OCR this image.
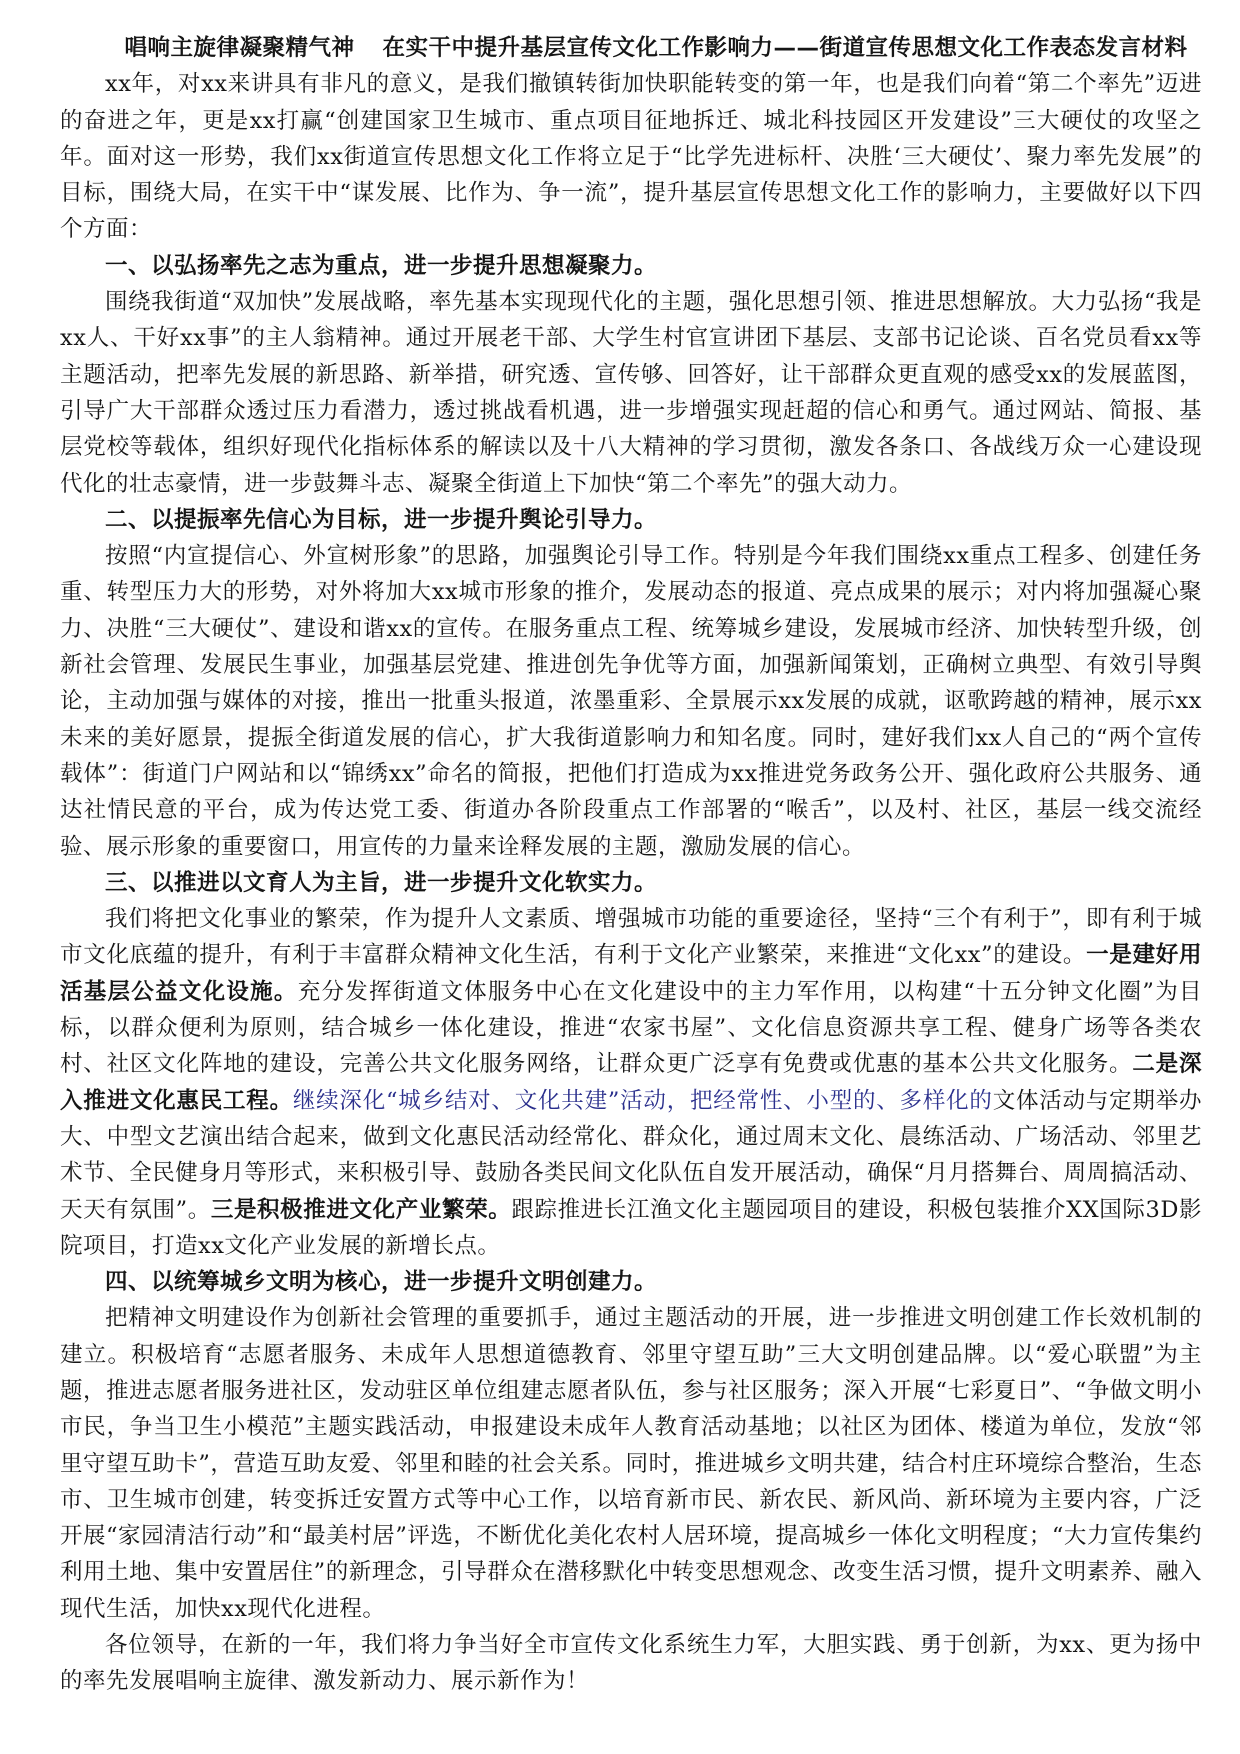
唱响主旋律凝聚精气神 在实干中提升基层宣传文化工作影响力——街道宣传思想文化工作表态发言材料

xx年，对xx来讲具有非凡的意义，是我们撤镇转街加快职能转变的第一年，也是我们向着“第二个率先”迈进的奋进之年，更是xx打赢“创建国家卫生城市、重点项目征地拆迁、城北科技园区开发建设”三大硬仗的攻坚之年。面对这一形势，我们xx街道宣传思想文化工作将立足于“比学先进标杆、决胜‘三大硬仗’、聚力率先发展”的目标，围绕大局，在实干中“谋发展、比作为、争一流”，提升基层宣传思想文化工作的影响力，主要做好以下四个方面：

一、以弘扬率先之志为重点，进一步提升思想凝聚力。

围绕我街道“双加快”发展战略，率先基本实现现代化的主题，强化思想引领、推进思想解放。大力弘扬“我是xx人、干好xx事”的主人翁精神。通过开展老干部、大学生村官宣讲团下基层、支部书记论谈、百名党员看xx等主题活动，把率先发展的新思路、新举措，研究透、宣传够、回答好，让干部群众更直观的感受xx的发展蓝图，引导广大干部群众透过压力看潜力，透过挑战看机遇，进一步增强实现赶超的信心和勇气。通过网站、简报、基层党校等载体，组织好现代化指标体系的解读以及十八大精神的学习贯彻，激发各条口、各战线万众一心建设现代化的壮志豪情，进一步鼓舞斗志、凝聚全街道上下加快“第二个率先”的强大动力。

二、以提振率先信心为目标，进一步提升舆论引导力。

按照“内宣提信心、外宣树形象”的思路，加强舆论引导工作。特别是今年我们围绕xx重点工程多、创建任务重、转型压力大的形势，对外将加大xx城市形象的推介，发展动态的报道、亮点成果的展示；对内将加强凝心聚力、决胜“三大硬仗”、建设和谐xx的宣传。在服务重点工程、统筹城乡建设，发展城市经济、加快转型升级，创新社会管理、发展民生事业，加强基层党建、推进创先争优等方面，加强新闻策划，正确树立典型、有效引导舆论，主动加强与媒体的对接，推出一批重头报道，浓墨重彩、全景展示xx发展的成就，讴歌跨越的精神，展示xx未来的美好愿景，提振全街道发展的信心，扩大我街道影响力和知名度。同时，建好我们xx人自己的“两个宣传载体”：街道门户网站和以“锦绣xx”命名的简报，把他们打造成为xx推进党务政务公开、强化政府公共服务、通达社情民意的平台，成为传达党工委、街道办各阶段重点工作部署的“喉舌”，以及村、社区，基层一线交流经验、展示形象的重要窗口，用宣传的力量来诠释发展的主题，激励发展的信心。

三、以推进以文育人为主旨，进一步提升文化软实力。

我们将把文化事业的繁荣，作为提升人文素质、增强城市功能的重要途径，坚持“三个有利于”，即有利于城市文化底蕴的提升，有利于丰富群众精神文化生活，有利于文化产业繁荣，来推进“文化xx”的建设。一是建好用活基层公益文化设施。充分发挥街道文体服务中心在文化建设中的主力军作用，以构建“十五分钟文化圈”为目标，以群众便利为原则，结合城乡一体化建设，推进“农家书屋”、文化信息资源共享工程、健身广场等各类农村、社区文化阵地的建设，完善公共文化服务网络，让群众更广泛享有免费或优惠的基本公共文化服务。二是深入推进文化惠民工程。继续深化“城乡结对、文化共建”活动，把经常性、小型的、多样化的文体活动与定期举办大、中型文艺演出结合起来，做到文化惠民活动经常化、群众化，通过周末文化、晨练活动、广场活动、邻里艺术节、全民健身月等形式，来积极引导、鼓励各类民间文化队伍自发开展活动，确保“月月搭舞台、周周搞活动、天天有氛围”。三是积极推进文化产业繁荣。跟踪推进长江渔文化主题园项目的建设，积极包装推介XX国际3D影院项目，打造xx文化产业发展的新增长点。

四、以统筹城乡文明为核心，进一步提升文明创建力。

把精神文明建设作为创新社会管理的重要抓手，通过主题活动的开展，进一步推进文明创建工作长效机制的建立。积极培育“志愿者服务、未成年人思想道德教育、邻里守望互助”三大文明创建品牌。以“爱心联盟”为主题，推进志愿者服务进社区，发动驻区单位组建志愿者队伍，参与社区服务；深入开展“七彩夏日”、“争做文明小市民，争当卫生小模范”主题实践活动，申报建设未成年人教育活动基地；以社区为团体、楼道为单位，发放“邻里守望互助卡”，营造互助友爱、邻里和睦的社会关系。同时，推进城乡文明共建，结合村庄环境综合整治，生态市、卫生城市创建，转变拆迁安置方式等中心工作，以培育新市民、新农民、新风尚、新环境为主要内容，广泛开展“家园清洁行动”和“最美村居”评选，不断优化美化农村人居环境，提高城乡一体化文明程度；“大力宣传集约利用土地、集中安置居住”的新理念，引导群众在潜移默化中转变思想观念、改变生活习惯，提升文明素养、融入现代生活，加快xx现代化进程。

各位领导，在新的一年，我们将力争当好全市宣传文化系统生力军，大胆实践、勇于创新，为xx、更为扬中的率先发展唱响主旋律、激发新动力、展示新作为！
